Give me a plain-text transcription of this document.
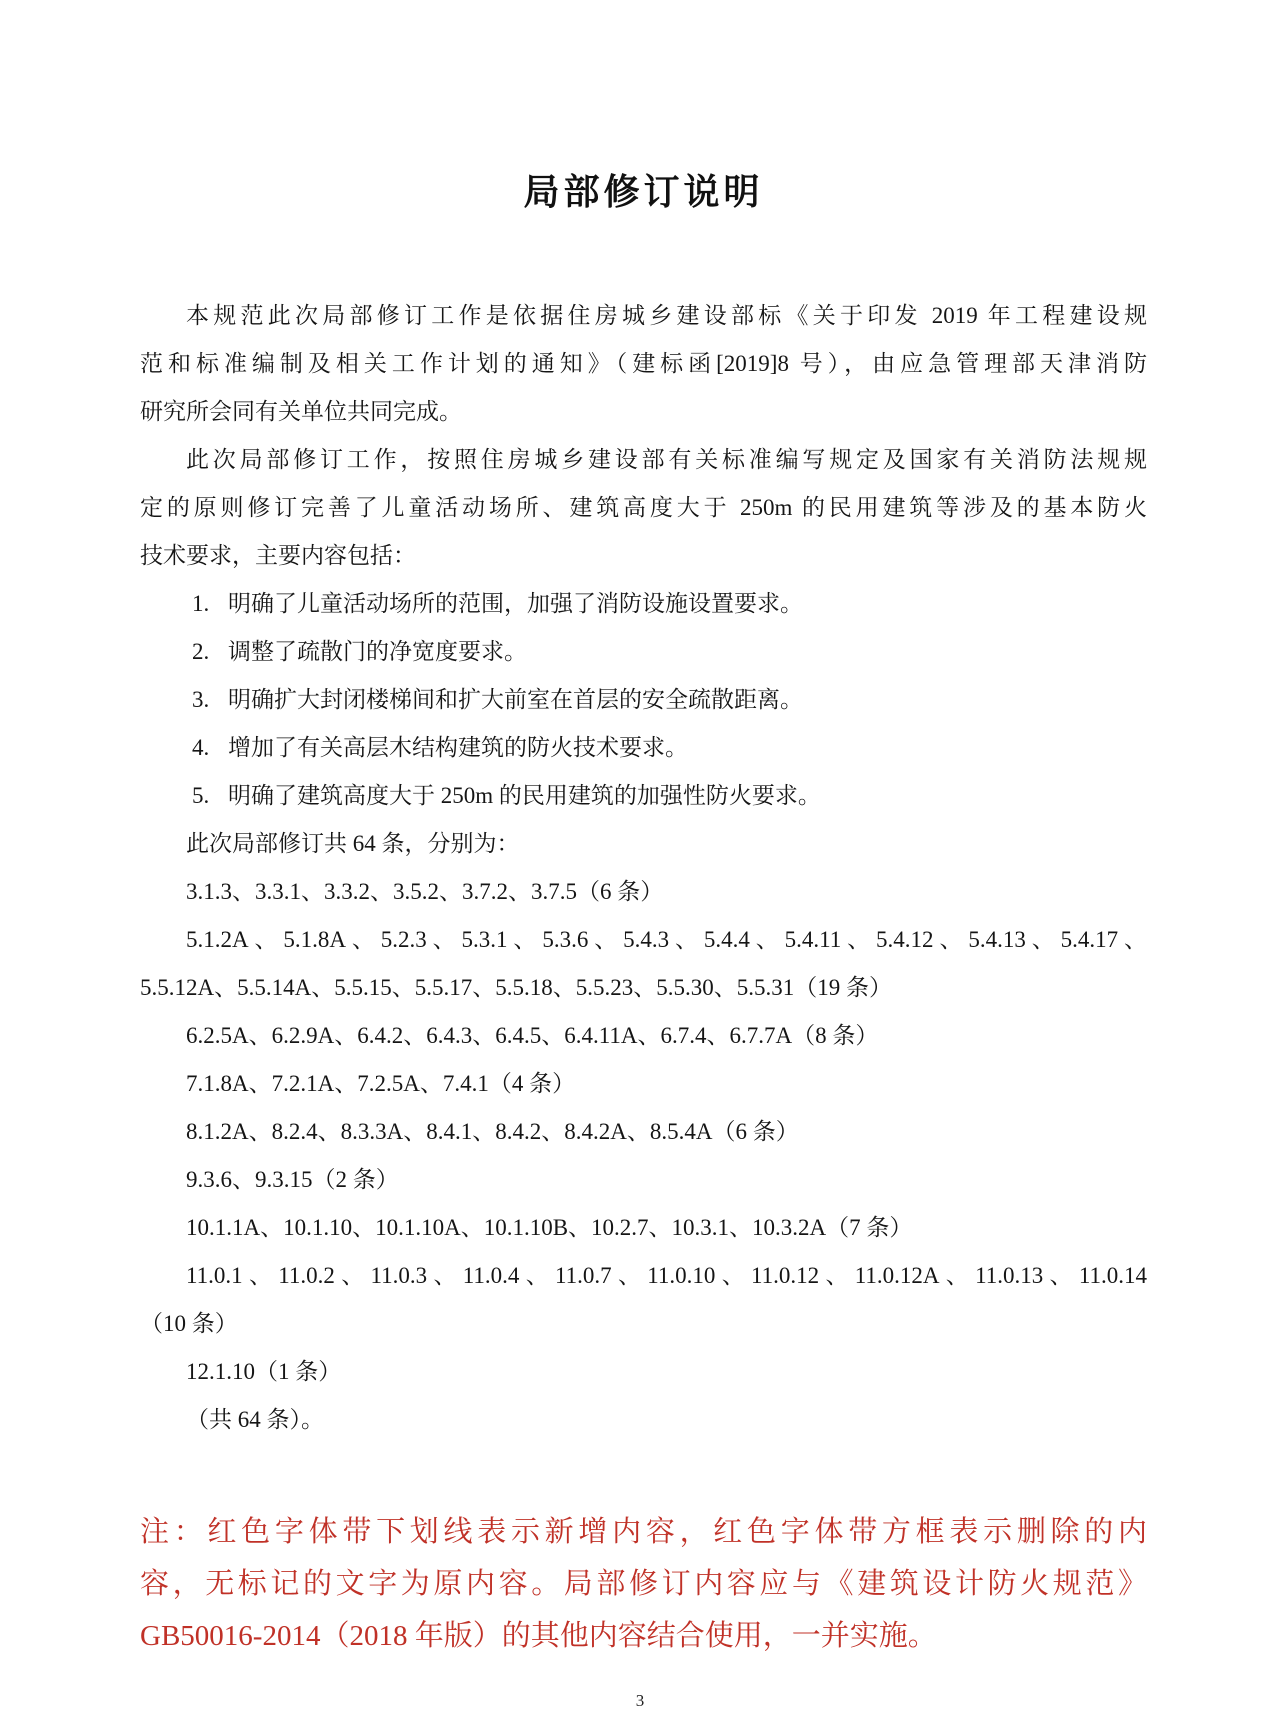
局部修订说明
本规范此次局部修订工作是依据住房城乡建设部标《关于印发 2019 年工程建设规
范和标准编制及相关工作计划的通知》（建标函[2019]8 号），由应急管理部天津消防
研究所会同有关单位共同完成。
此次局部修订工作，按照住房城乡建设部有关标准编写规定及国家有关消防法规规
定的原则修订完善了儿童活动场所、建筑高度大于 250m 的民用建筑等涉及的基本防火
技术要求，主要内容包括：
1. 明确了儿童活动场所的范围，加强了消防设施设置要求。
2. 调整了疏散门的净宽度要求。
3. 明确扩大封闭楼梯间和扩大前室在首层的安全疏散距离。
4. 增加了有关高层木结构建筑的防火技术要求。
5. 明确了建筑高度大于 250m 的民用建筑的加强性防火要求。
此次局部修订共 64 条，分别为：
3.1.3、3.3.1、3.3.2、3.5.2、3.7.2、3.7.5（6 条）
5.1.2A、5.1.8A、5.2.3、5.3.1、5.3.6、5.4.3、5.4.4、5.4.11、5.4.12、5.4.13、5.4.17、
5.5.12A、5.5.14A、5.5.15、5.5.17、5.5.18、5.5.23、5.5.30、5.5.31（19 条）
6.2.5A、6.2.9A、6.4.2、6.4.3、6.4.5、6.4.11A、6.7.4、6.7.7A（8 条）
7.1.8A、7.2.1A、7.2.5A、7.4.1（4 条）
8.1.2A、8.2.4、8.3.3A、8.4.1、8.4.2、8.4.2A、8.5.4A（6 条）
9.3.6、9.3.15（2 条）
10.1.1A、10.1.10、10.1.10A、10.1.10B、10.2.7、10.3.1、10.3.2A（7 条）
11.0.1、11.0.2、11.0.3、11.0.4、11.0.7、11.0.10、11.0.12、11.0.12A、11.0.13、11.0.14
（10 条）
12.1.10（1 条）
（共 64 条）。
注：红色字体带下划线表示新增内容，红色字体带方框表示删除的内
容，无标记的文字为原内容。局部修订内容应与《建筑设计防火规范》
GB50016-2014（2018 年版）的其他内容结合使用，一并实施。
3
